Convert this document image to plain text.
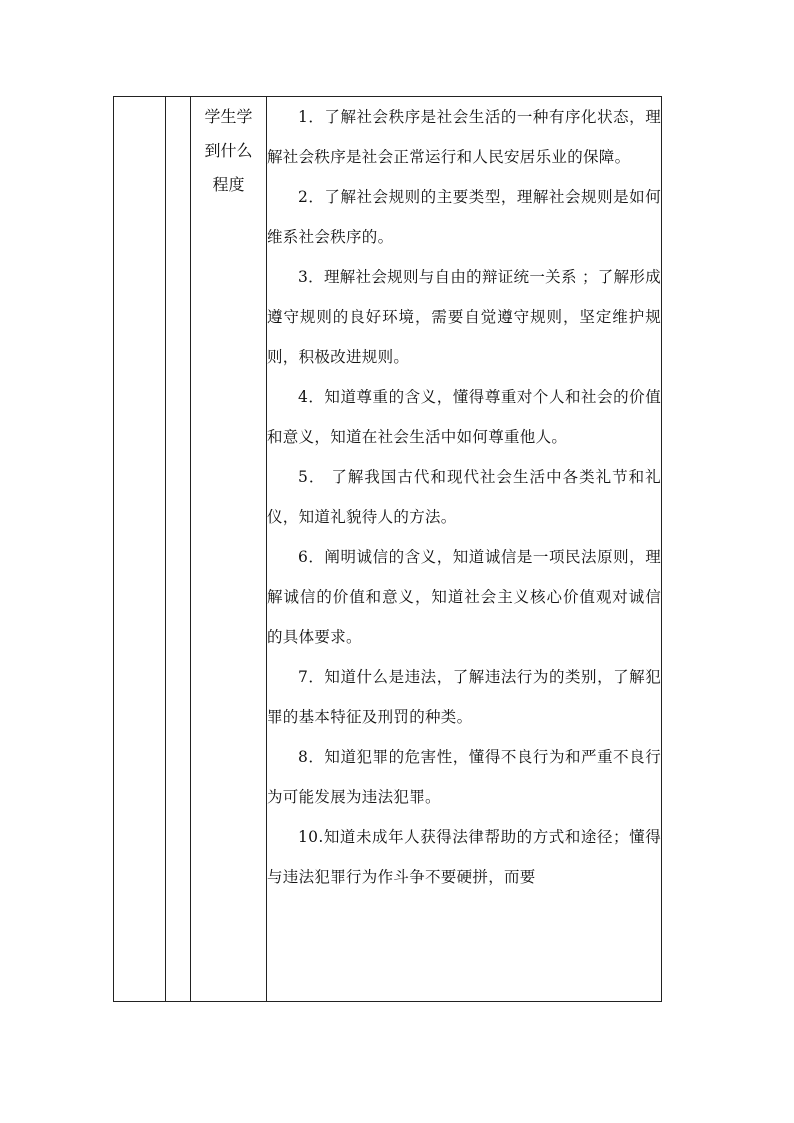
学生学
到什么
程度

1．了解社会秩序是社会生活的一种有序化状态，理解社会秩序是社会正常运行和人民安居乐业的保障。

2．了解社会规则的主要类型，理解社会规则是如何维系社会秩序的。

3．理解社会规则与自由的辩证统一关系 ；了解形成遵守规则的良好环境，需要自觉遵守规则，坚定维护规则，积极改进规则。

4．知道尊重的含义，懂得尊重对个人和社会的价值和意义，知道在社会生活中如何尊重他人。

5． 了解我国古代和现代社会生活中各类礼节和礼仪，知道礼貌待人的方法。

6．阐明诚信的含义，知道诚信是一项民法原则，理解诚信的价值和意义，知道社会主义核心价值观对诚信的具体要求。

7．知道什么是违法，了解违法行为的类别，了解犯罪的基本特征及刑罚的种类。

8．知道犯罪的危害性，懂得不良行为和严重不良行为可能发展为违法犯罪。

10.知道未成年人获得法律帮助的方式和途径；懂得与违法犯罪行为作斗争不要硬拼，而要
